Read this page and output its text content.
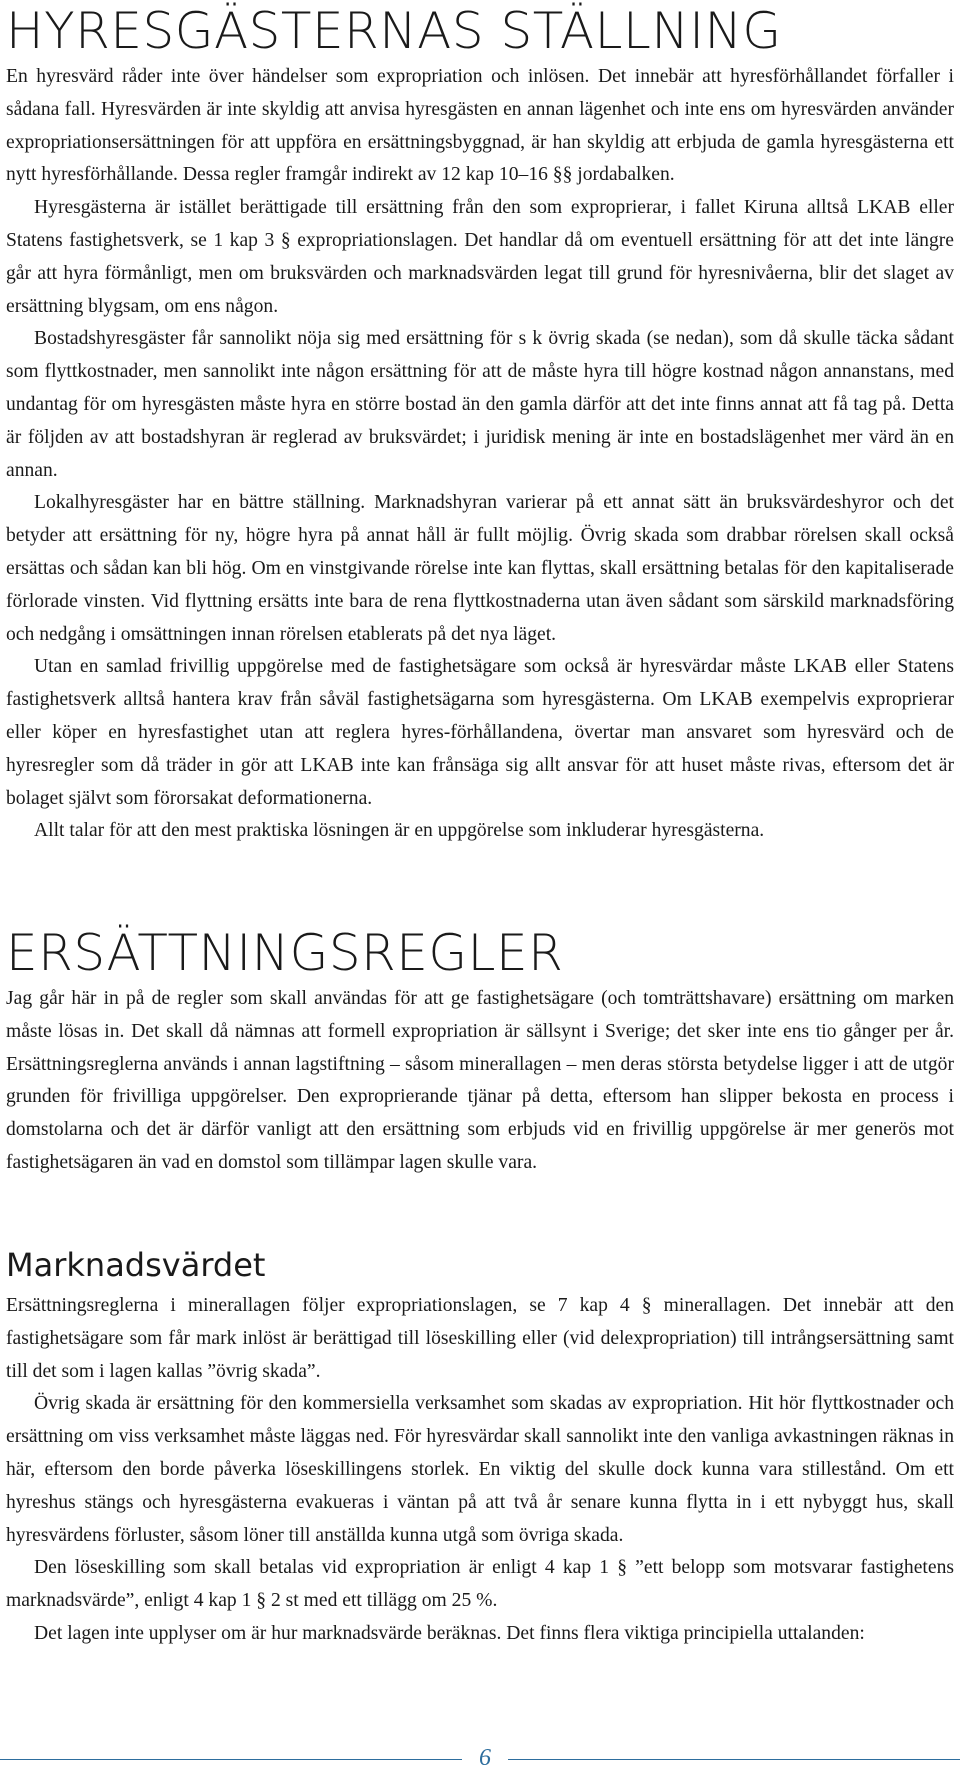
HYRESGÄSTERNAS STÄLLNING

En hyresvärd råder inte över händelser som expropriation och inlösen. Det innebär att hyresförhållandet förfaller i sådana fall. Hyresvärden är inte skyldig att anvisa hyresgästen en annan lägenhet och inte ens om hyresvärden använder expropriationsersättningen för att uppföra en ersättningsbyggnad, är han skyldig att erbjuda de gamla hyresgästerna ett nytt hyresförhållande. Dessa regler framgår indirekt av 12 kap 10–16 §§ jordabalken.

Hyresgästerna är istället berättigade till ersättning från den som exproprierar, i fallet Kiruna alltså LKAB eller Statens fastighetsverk, se 1 kap 3 § expropriationslagen. Det handlar då om eventuell ersättning för att det inte längre går att hyra förmånligt, men om bruksvärden och marknadsvärden legat till grund för hyresnivåerna, blir det slaget av ersättning blygsam, om ens någon.

Bostadshyresgäster får sannolikt nöja sig med ersättning för s k övrig skada (se nedan), som då skulle täcka sådant som flyttkostnader, men sannolikt inte någon ersättning för att de måste hyra till högre kostnad någon annanstans, med undantag för om hyresgästen måste hyra en större bostad än den gamla därför att det inte finns annat att få tag på. Detta är följden av att bostadshyran är reglerad av bruksvärdet; i juridisk mening är inte en bostadslägenhet mer värd än en annan.

Lokalhyresgäster har en bättre ställning. Marknadshyran varierar på ett annat sätt än bruksvärdeshyror och det betyder att ersättning för ny, högre hyra på annat håll är fullt möjlig. Övrig skada som drabbar rörelsen skall också ersättas och sådan kan bli hög. Om en vinstgivande rörelse inte kan flyttas, skall ersättning betalas för den kapitaliserade förlorade vinsten. Vid flyttning ersätts inte bara de rena flyttkostnaderna utan även sådant som särskild marknadsföring och nedgång i omsättningen innan rörelsen etablerats på det nya läget.

Utan en samlad frivillig uppgörelse med de fastighetsägare som också är hyresvärdar måste LKAB eller Statens fastighetsverk alltså hantera krav från såväl fastighetsägarna som hyresgästerna. Om LKAB exempelvis exproprierar eller köper en hyresfastighet utan att reglera hyres-förhållandena, övertar man ansvaret som hyresvärd och de hyresregler som då träder in gör att LKAB inte kan frånsäga sig allt ansvar för att huset måste rivas, eftersom det är bolaget självt som förorsakat deformationerna.

Allt talar för att den mest praktiska lösningen är en uppgörelse som inkluderar hyresgästerna.

ERSÄTTNINGSREGLER

Jag går här in på de regler som skall användas för att ge fastighetsägare (och tomträttshavare) ersättning om marken måste lösas in. Det skall då nämnas att formell expropriation är sällsynt i Sverige; det sker inte ens tio gånger per år. Ersättningsreglerna används i annan lagstiftning – såsom minerallagen – men deras största betydelse ligger i att de utgör grunden för frivilliga uppgörelser. Den exproprierande tjänar på detta, eftersom han slipper bekosta en process i domstolarna och det är därför vanligt att den ersättning som erbjuds vid en frivillig uppgörelse är mer generös mot fastighetsägaren än vad en domstol som tillämpar lagen skulle vara.

Marknadsvärdet

Ersättningsreglerna i minerallagen följer expropriationslagen, se 7 kap 4 § minerallagen. Det innebär att den fastighetsägare som får mark inlöst är berättigad till löseskilling eller (vid delexpropriation) till intrångsersättning samt till det som i lagen kallas ”övrig skada”.

Övrig skada är ersättning för den kommersiella verksamhet som skadas av expropriation. Hit hör flyttkostnader och ersättning om viss verksamhet måste läggas ned. För hyresvärdar skall sannolikt inte den vanliga avkastningen räknas in här, eftersom den borde påverka löseskillingens storlek. En viktig del skulle dock kunna vara stillestånd. Om ett hyreshus stängs och hyresgästerna evakueras i väntan på att två år senare kunna flytta in i ett nybyggt hus, skall hyresvärdens förluster, såsom löner till anställda kunna utgå som övriga skada.

Den löseskilling som skall betalas vid expropriation är enligt 4 kap 1 § ”ett belopp som motsvarar fastighetens marknadsvärde”, enligt 4 kap 1 § 2 st med ett tillägg om 25 %.

Det lagen inte upplyser om är hur marknadsvärde beräknas. Det finns flera viktiga principiella uttalanden:

6
